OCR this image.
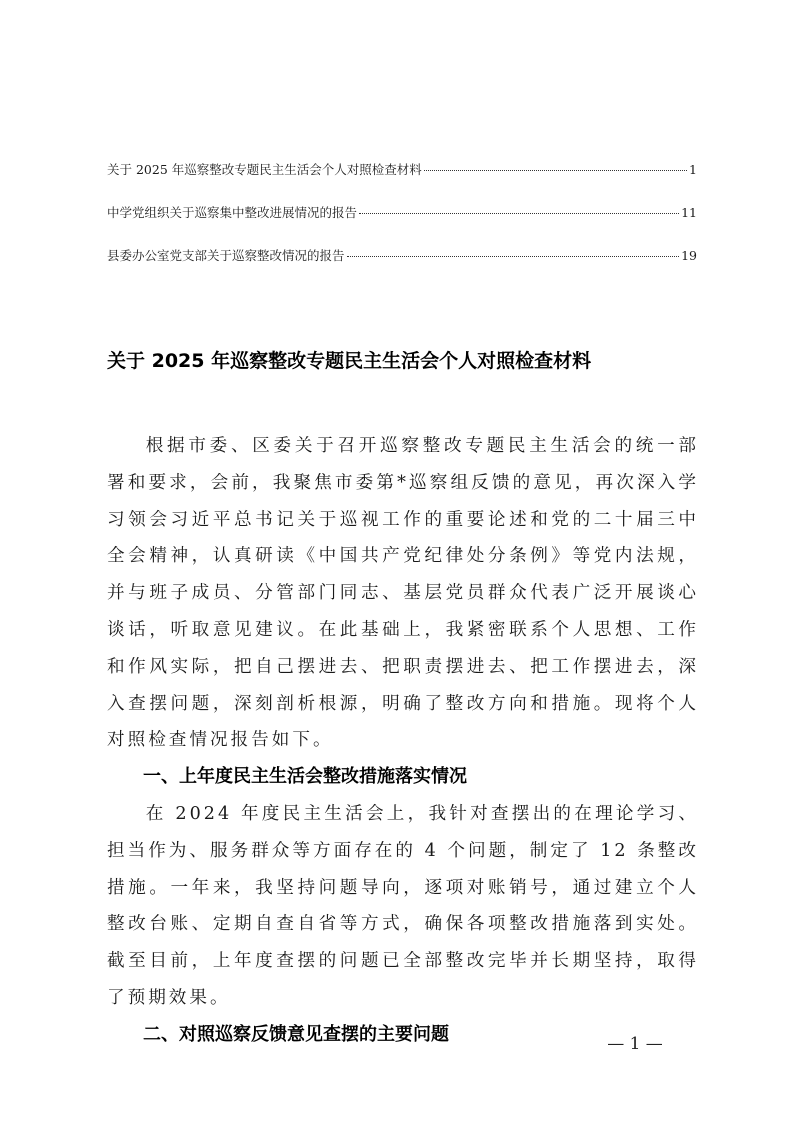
关于 2025 年巡察整改专题民主生活会个人对照检查材料	1
中学党组织关于巡察集中整改进展情况的报告	11
县委办公室党支部关于巡察整改情况的报告	19
关于 2025 年巡察整改专题民主生活会个人对照检查材料

根据市委、区委关于召开巡察整改专题民主生活会的统一部署和要求，会前，我聚焦市委第*巡察组反馈的意见，再次深入学习领会习近平总书记关于巡视工作的重要论述和党的二十届三中全会精神，认真研读《中国共产党纪律处分条例》等党内法规，并与班子成员、分管部门同志、基层党员群众代表广泛开展谈心谈话，听取意见建议。在此基础上，我紧密联系个人思想、工作和作风实际，把自己摆进去、把职责摆进去、把工作摆进去，深入查摆问题，深刻剖析根源，明确了整改方向和措施。现将个人对照检查情况报告如下。

一、上年度民主生活会整改措施落实情况

在 2024 年度民主生活会上，我针对查摆出的在理论学习、担当作为、服务群众等方面存在的 4 个问题，制定了 12 条整改措施。一年来，我坚持问题导向，逐项对账销号，通过建立个人整改台账、定期自查自省等方式，确保各项整改措施落到实处。截至目前，上年度查摆的问题已全部整改完毕并长期坚持，取得了预期效果。

二、对照巡察反馈意见查摆的主要问题	— 1 —
